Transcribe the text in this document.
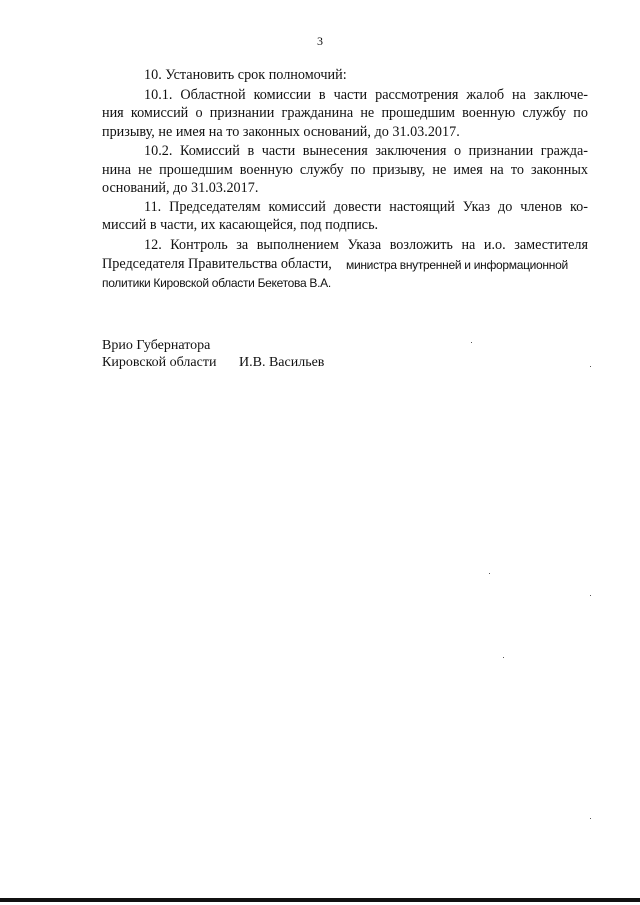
3
10. Установить срок полномочий:
10.1. Областной комиссии в части рассмотрения жалоб на заключе-
ния комиссий о признании гражданина не прошедшим военную службу по
призыву, не имея на то законных оснований, до 31.03.2017.
10.2. Комиссий в части вынесения заключения о признании гражда-
нина не прошедшим военную службу по призыву, не имея на то законных
оснований, до 31.03.2017.
11. Председателям комиссий довести настоящий Указ до членов ко-
миссий в части, их касающейся, под подпись.
12. Контроль за выполнением Указа возложить на и.о. заместителя
Председателя Правительства области, министра внутренней и информационной
политики Кировской области Бекетова В.А.
Врио Губернатора
Кировской области И.В. Васильев
